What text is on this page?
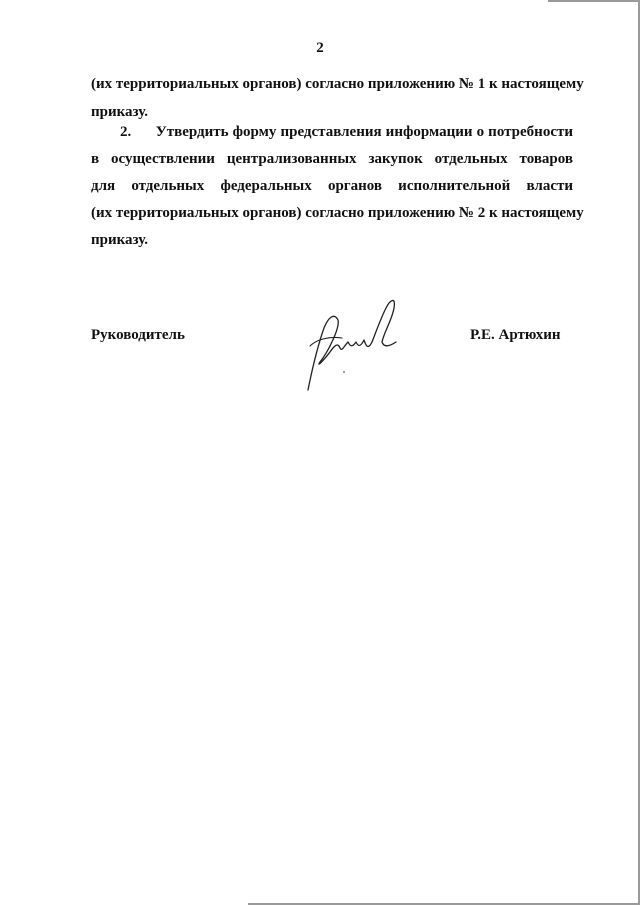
2
(их территориальных органов) согласно приложению № 1 к настоящему
приказу.
2.      Утвердить форму представления информации о потребности
в осуществлении централизованных закупок отдельных товаров
для отдельных федеральных органов исполнительной власти
(их территориальных органов) согласно приложению № 2 к настоящему
приказу.
Руководитель	Р.Е. Артюхин
